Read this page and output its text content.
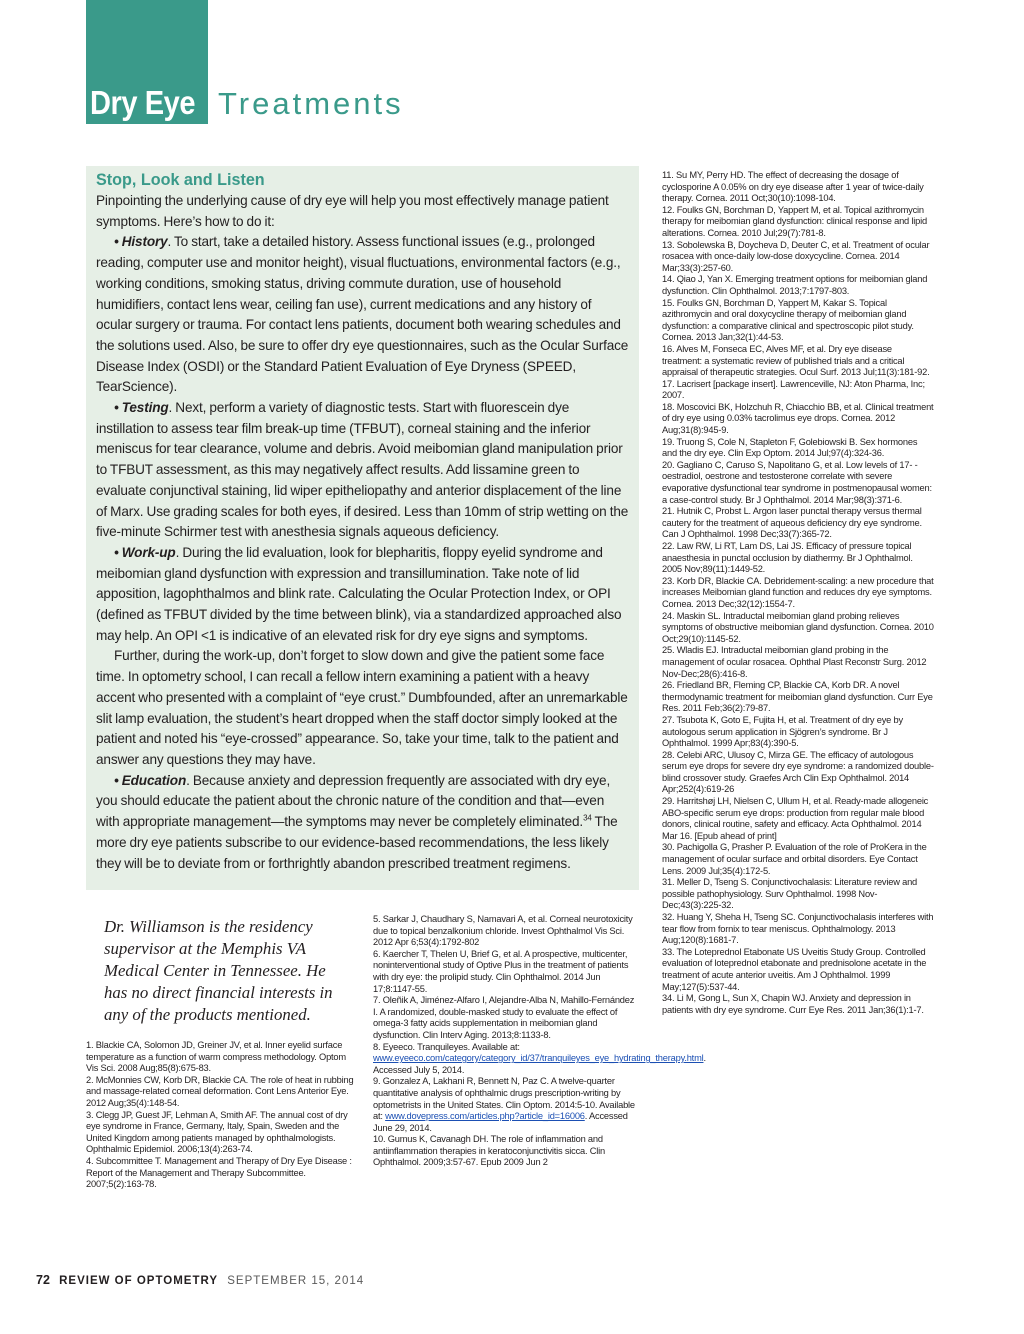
Dry Eye Treatments
Stop, Look and Listen

Pinpointing the underlying cause of dry eye will help you most effectively manage patient symptoms. Here’s how to do it:

• History. To start, take a detailed history. Assess functional issues (e.g., prolonged reading, computer use and monitor height), visual fluctuations, environmental factors (e.g., working conditions, smoking status, driving commute duration, use of household humidifiers, contact lens wear, ceiling fan use), current medications and any history of ocular surgery or trauma. For contact lens patients, document both wearing schedules and the solutions used. Also, be sure to offer dry eye questionnaires, such as the Ocular Surface Disease Index (OSDI) or the Standard Patient Evaluation of Eye Dryness (SPEED, TearScience).

• Testing. Next, perform a variety of diagnostic tests. Start with fluorescein dye instillation to assess tear film break-up time (TFBUT), corneal staining and the inferior meniscus for tear clearance, volume and debris. Avoid meibomian gland manipulation prior to TFBUT assessment, as this may negatively affect results. Add lissamine green to evaluate conjunctival staining, lid wiper epitheliopathy and anterior displacement of the line of Marx. Use grading scales for both eyes, if desired. Less than 10mm of strip wetting on the five-minute Schirmer test with anesthesia signals aqueous deficiency.

• Work-up. During the lid evaluation, look for blepharitis, floppy eyelid syndrome and meibomian gland dysfunction with expression and transillumination. Take note of lid apposition, lagophthalmos and blink rate. Calculating the Ocular Protection Index, or OPI (defined as TFBUT divided by the time between blink), via a standardized approached also may help. An OPI <1 is indicative of an elevated risk for dry eye signs and symptoms.

Further, during the work-up, don’t forget to slow down and give the patient some face time. In optometry school, I can recall a fellow intern examining a patient with a heavy accent who presented with a complaint of “eye crust.” Dumbfounded, after an unremarkable slit lamp evaluation, the student’s heart dropped when the staff doctor simply looked at the patient and noted his “eye-crossed” appearance. So, take your time, talk to the patient and answer any questions they may have.

• Education. Because anxiety and depression frequently are associated with dry eye, you should educate the patient about the chronic nature of the condition and that—even with appropriate management—the symptoms may never be completely eliminated.$^{34}$ The more dry eye patients subscribe to our evidence-based recommendations, the less likely they will be to deviate from or forthrightly abandon prescribed treatment regimens.

Dr. Williamson is the residency supervisor at the Memphis VA Medical Center in Tennessee. He has no direct financial interests in any of the products mentioned.

1. Blackie CA, Solomon JD, Greiner JV, et al. Inner eyelid surface temperature as a function of warm compress methodology. Optom Vis Sci. 2008 Aug;85(8):675-83.

2. McMonnies CW, Korb DR, Blackie CA. The role of heat in rubbing and massage-related corneal deformation. Cont Lens Anterior Eye. 2012 Aug;35(4):148-54.

3. Clegg JP, Guest JF, Lehman A, Smith AF. The annual cost of dry eye syndrome in France, Germany, Italy, Spain, Sweden and the United Kingdom among patients managed by ophthalmologists. Ophthalmic Epidemiol. 2006;13(4):263-74.

4. Subcommittee T. Management and Therapy of Dry Eye Disease : Report of the Management and Therapy Subcommittee. 2007;5(2):163-78.

5. Sarkar J, Chaudhary S, Namavari A, et al. Corneal neurotoxicity due to topical benzalkonium chloride. Invest Ophthalmol Vis Sci. 2012 Apr 6;53(4):1792-802

6. Kaercher T, Thelen U, Brief G, et al. A prospective, multicenter, noninterventional study of Optive Plus in the treatment of patients with dry eye: the prolipid study. Clin Ophthalmol. 2014 Jun 17;8:1147-55.

7. Oleñik A, Jiménez-Alfaro I, Alejandre-Alba N, Mahillo-Fernández I. A randomized, double-masked study to evaluate the effect of omega-3 fatty acids supplementation in meibomian gland dysfunction. Clin Interv Aging. 2013;8:1133-8.

8. Eyeeco. Tranquileyes. Available at: www.eyeeco.com/category/category_id/37/tranquileyes_eye_hydrating_therapy.html. Accessed July 5, 2014.

9. Gonzalez A, Lakhani R, Bennett N, Paz C. A twelve-quarter quantitative analysis of ophthalmic drugs prescription-writing by optometrists in the United States. Clin Optom. 2014:5-10. Available at: www.dovepress.com/articles.php?article_id=16006. Accessed June 29, 2014.

10. Gumus K, Cavanagh DH. The role of inflammation and antiinflammation therapies in keratoconjunctivitis sicca. Clin Ophthalmol. 2009;3:57-67. Epub 2009 Jun 2

11. Su MY, Perry HD. The effect of decreasing the dosage of cyclosporine A 0.05% on dry eye disease after 1 year of twice-daily therapy. Cornea. 2011 Oct;30(10):1098-104.

12. Foulks GN, Borchman D, Yappert M, et al. Topical azithromycin therapy for meibomian gland dysfunction: clinical response and lipid alterations. Cornea. 2010 Jul;29(7):781-8.

13. Sobolewska B, Doycheva D, Deuter C, et al. Treatment of ocular rosacea with once-daily low-dose doxycycline. Cornea. 2014 Mar;33(3):257-60.

14. Qiao J, Yan X. Emerging treatment options for meibomian gland dysfunction. Clin Ophthalmol. 2013;7:1797-803.

15. Foulks GN, Borchman D, Yappert M, Kakar S. Topical azithromycin and oral doxycycline therapy of meibomian gland dysfunction: a comparative clinical and spectroscopic pilot study. Cornea. 2013 Jan;32(1):44-53.

16. Alves M, Fonseca EC, Alves MF, et al. Dry eye disease treatment: a systematic review of published trials and a critical appraisal of therapeutic strategies. Ocul Surf. 2013 Jul;11(3):181-92.

17. Lacrisert [package insert]. Lawrenceville, NJ: Aton Pharma, Inc; 2007.

18. Moscovici BK, Holzchuh R, Chiacchio BB, et al. Clinical treatment of dry eye using 0.03% tacrolimus eye drops. Cornea. 2012 Aug;31(8):945-9.

19. Truong S, Cole N, Stapleton F, Golebiowski B. Sex hormones and the dry eye. Clin Exp Optom. 2014 Jul;97(4):324-36.

20. Gagliano C, Caruso S, Napolitano G, et al. Low levels of 17- -oestradiol, oestrone and testosterone correlate with severe evaporative dysfunctional tear syndrome in postmenopausal women: a case-control study. Br J Ophthalmol. 2014 Mar;98(3):371-6.

21. Hutnik C, Probst L. Argon laser punctal therapy versus thermal cautery for the treatment of aqueous deficiency dry eye syndrome. Can J Ophthalmol. 1998 Dec;33(7):365-72.

22. Law RW, Li RT, Lam DS, Lai JS. Efficacy of pressure topical anaesthesia in punctal occlusion by diathermy. Br J Ophthalmol. 2005 Nov;89(11):1449-52.

23. Korb DR, Blackie CA. Debridement-scaling: a new procedure that increases Meibomian gland function and reduces dry eye symptoms. Cornea. 2013 Dec;32(12):1554-7.

24. Maskin SL. Intraductal meibomian gland probing relieves symptoms of obstructive meibomian gland dysfunction. Cornea. 2010 Oct;29(10):1145-52.

25. Wladis EJ. Intraductal meibomian gland probing in the management of ocular rosacea. Ophthal Plast Reconstr Surg. 2012 Nov-Dec;28(6):416-8.

26. Friedland BR, Fleming CP, Blackie CA, Korb DR. A novel thermodynamic treatment for meibomian gland dysfunction. Curr Eye Res. 2011 Feb;36(2):79-87.

27. Tsubota K, Goto E, Fujita H, et al. Treatment of dry eye by autologous serum application in Sjögren’s syndrome. Br J Ophthalmol. 1999 Apr;83(4):390-5.

28. Celebi ARC, Ulusoy C, Mirza GE. The efficacy of autologous serum eye drops for severe dry eye syndrome: a randomized double-blind crossover study. Graefes Arch Clin Exp Ophthalmol. 2014 Apr;252(4):619-26

29. Harritshøj LH, Nielsen C, Ullum H, et al. Ready-made allogeneic ABO-specific serum eye drops: production from regular male blood donors, clinical routine, safety and efficacy. Acta Ophthalmol. 2014 Mar 16. [Epub ahead of print]

30. Pachigolla G, Prasher P. Evaluation of the role of ProKera in the management of ocular surface and orbital disorders. Eye Contact Lens. 2009 Jul;35(4):172-5.

31. Meller D, Tseng S. Conjunctivochalasis: Literature review and possible pathophysiology. Surv Ophthalmol. 1998 Nov-Dec;43(3):225-32.

32. Huang Y, Sheha H, Tseng SC. Conjunctivochalasis interferes with tear flow from fornix to tear meniscus. Ophthalmology. 2013 Aug;120(8):1681-7.

33. The Loteprednol Etabonate US Uveitis Study Group. Controlled evaluation of loteprednol etabonate and prednisolone acetate in the treatment of acute anterior uveitis. Am J Ophthalmol. 1999 May;127(5):537-44.

34. Li M, Gong L, Sun X, Chapin WJ. Anxiety and depression in patients with dry eye syndrome. Curr Eye Res. 2011 Jan;36(1):1-7.

72 REVIEW OF OPTOMETRY SEPTEMBER 15, 2014
